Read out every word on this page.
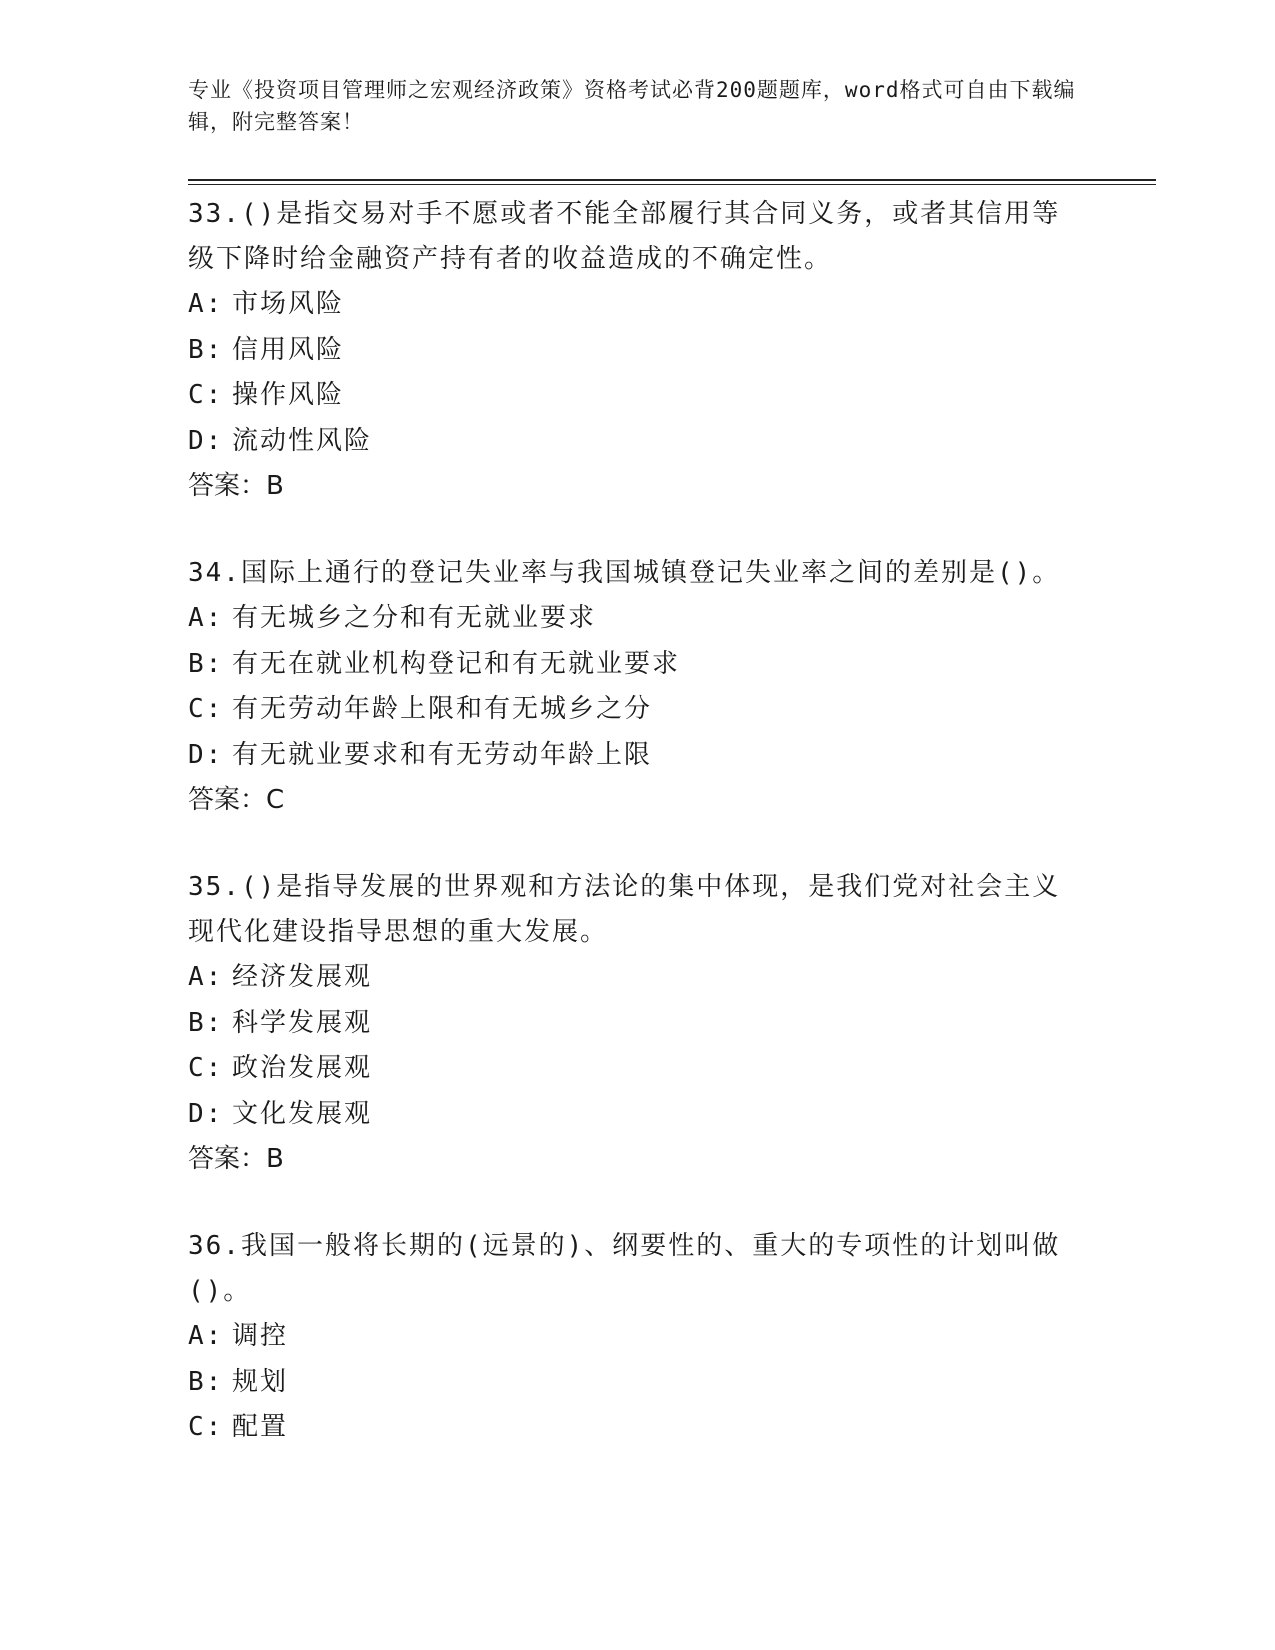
专业《投资项目管理师之宏观经济政策》资格考试必背200题题库，word格式可自由下载编辑，附完整答案！

33.()是指交易对手不愿或者不能全部履行其合同义务，或者其信用等级下降时给金融资产持有者的收益造成的不确定性。

A: 市场风险

B: 信用风险

C: 操作风险

D: 流动性风险

答案：B

34.国际上通行的登记失业率与我国城镇登记失业率之间的差别是()。

A: 有无城乡之分和有无就业要求

B: 有无在就业机构登记和有无就业要求

C: 有无劳动年龄上限和有无城乡之分

D: 有无就业要求和有无劳动年龄上限

答案：C

35.()是指导发展的世界观和方法论的集中体现，是我们党对社会主义现代化建设指导思想的重大发展。

A: 经济发展观

B: 科学发展观

C: 政治发展观

D: 文化发展观

答案：B

36.我国一般将长期的(远景的)、纲要性的、重大的专项性的计划叫做()。

A: 调控

B: 规划

C: 配置
